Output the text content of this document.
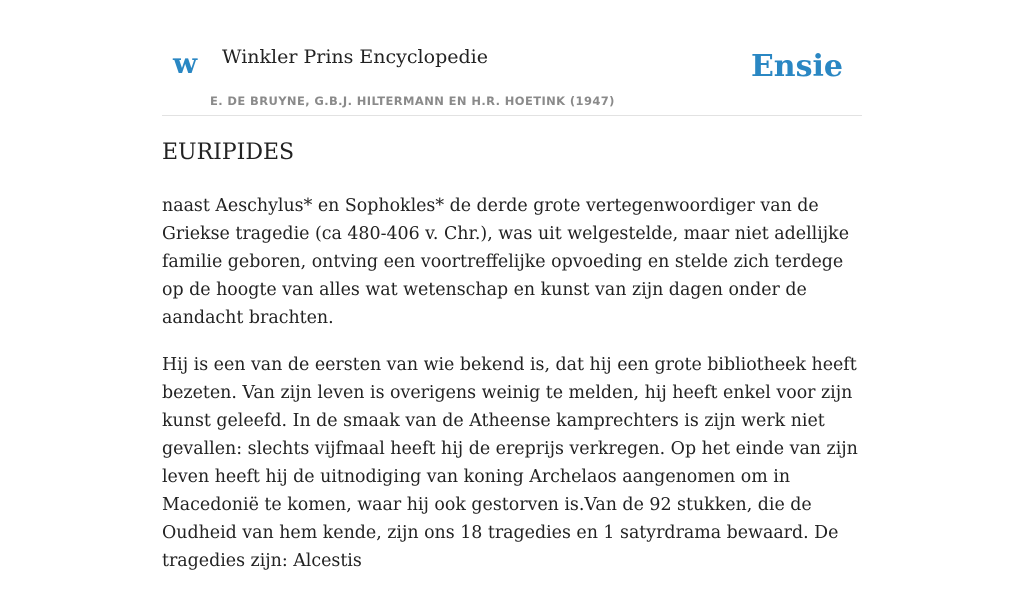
w Winkler Prins Encyclopedie
E. DE BRUYNE, G.B.J. HILTERMANN EN H.R. HOETINK (1947)
Ensie
EURIPIDES

naast Aeschylus* en Sophokles* de derde grote vertegenwoordiger van de Griekse tragedie (ca 480-406 v. Chr.), was uit welgestelde, maar niet adellijke familie geboren, ontving een voortreffelijke opvoeding en stelde zich terdege op de hoogte van alles wat wetenschap en kunst van zijn dagen onder de aandacht brachten.

Hij is een van de eersten van wie bekend is, dat hij een grote bibliotheek heeft bezeten. Van zijn leven is overigens weinig te melden, hij heeft enkel voor zijn kunst geleefd. In de smaak van de Atheense kamprechters is zijn werk niet gevallen: slechts vijfmaal heeft hij de ereprijs verkregen. Op het einde van zijn leven heeft hij de uitnodiging van koning Archelaos aangenomen om in Macedonië te komen, waar hij ook gestorven is.Van de 92 stukken, die de Oudheid van hem kende, zijn ons 18 tragedies en 1 satyrdrama bewaard. De tragedies zijn: Alcestis
